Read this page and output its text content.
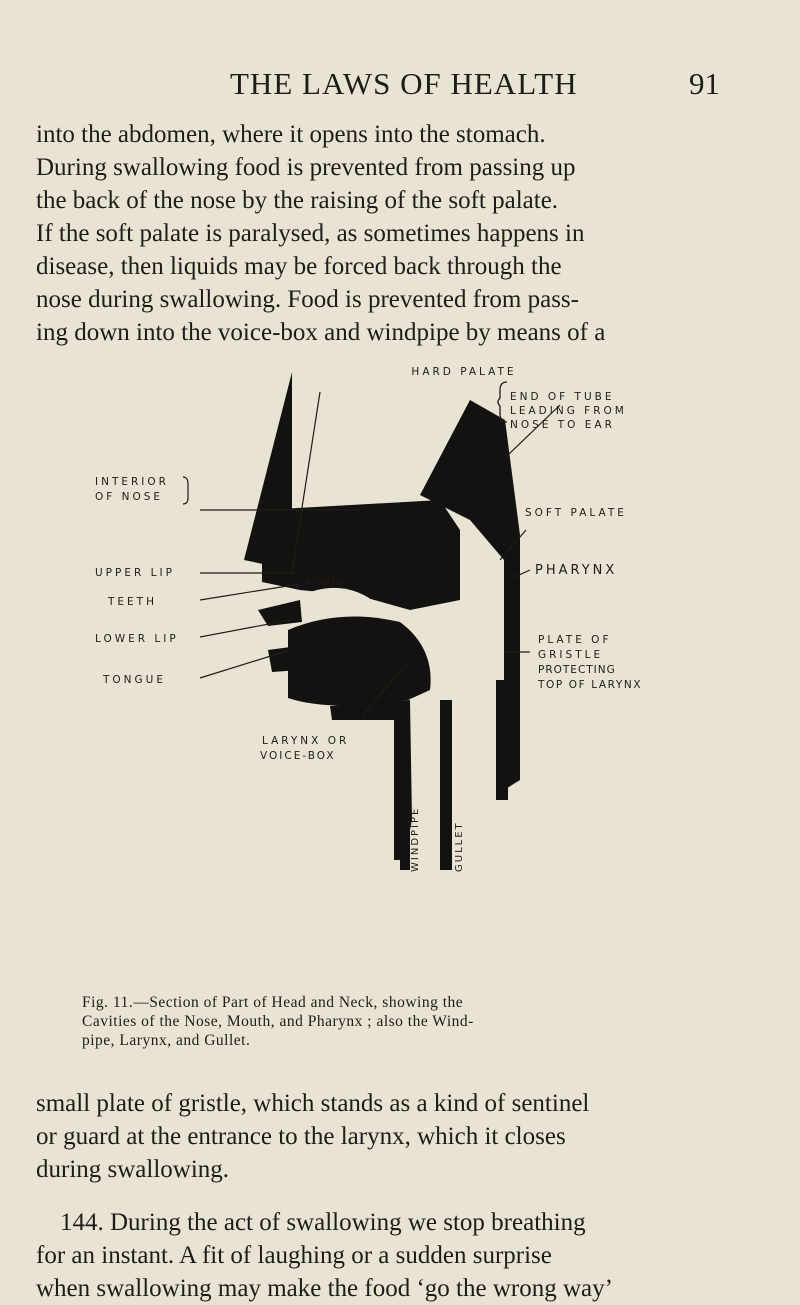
THE LAWS OF HEALTH	91
into the abdomen, where it opens into the stomach.
During swallowing food is prevented from passing up
the back of the nose by the raising of the soft palate.
If the soft palate is paralysed, as sometimes happens in
disease, then liquids may be forced back through the
nose during swallowing. Food is prevented from pass-
ing down into the voice-box and windpipe by means of a
HARD PALATE
END OF TUBE
LEADING FROM
NOSE TO EAR
INTERIOR
OF NOSE
SOFT PALATE
UPPER LIP	PHARYNX
MOUTH
TEETH
LOWER LIP	PLATE OF
GRISTLE
PROTECTING
TOP OF LARYNX
TONGUE
LARYNX OR
VOICE-BOX
WINDPIPE	GULLET
Fig. 11.—Section of Part of Head and Neck, showing the
Cavities of the Nose, Mouth, and Pharynx ; also the Wind-
pipe, Larynx, and Gullet.
small plate of gristle, which stands as a kind of sentinel
or guard at the entrance to the larynx, which it closes
during swallowing.
144. During the act of swallowing we stop breathing
for an instant. A fit of laughing or a sudden surprise
when swallowing may make the food ‘go the wrong way’
